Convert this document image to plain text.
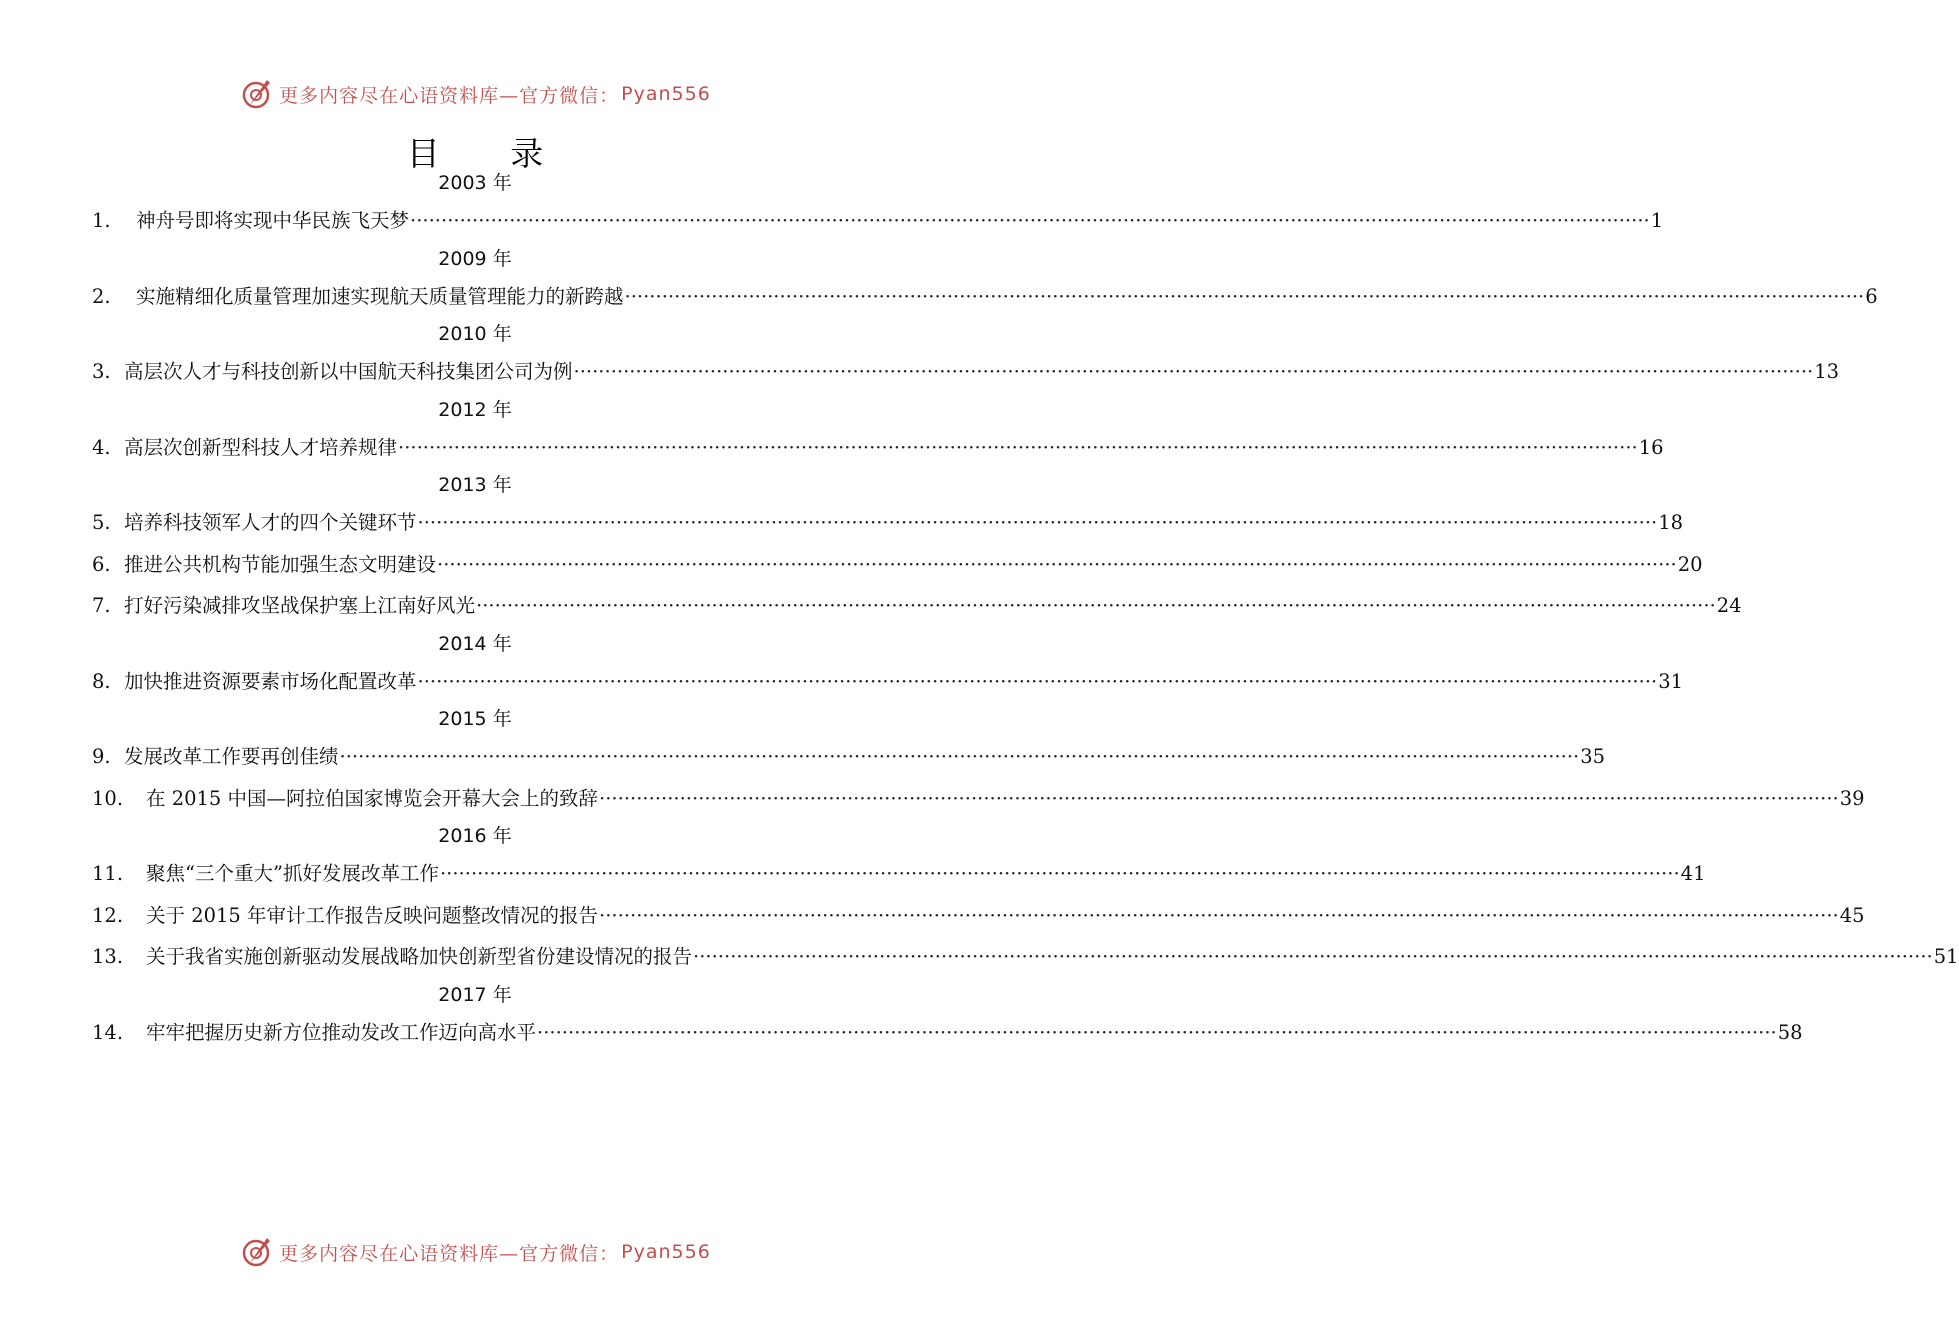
更多内容尽在心语资料库—官方微信： Pyan556
目 录
2003 年
1.	神舟号即将实现中华民族飞天梦 ········································································································································································································ 1
2009 年
2.	实施精细化质量管理加速实现航天质量管理能力的新跨越 ········································································································································································································ 6
2010 年
3. 高层次人才与科技创新以中国航天科技集团公司为例 ········································································································································································································ 13
2012 年
4. 高层次创新型科技人才培养规律 ········································································································································································································ 16
2013 年
5. 培养科技领军人才的四个关键环节 ········································································································································································································ 18
6. 推进公共机构节能加强生态文明建设 ········································································································································································································ 20
7. 打好污染减排攻坚战保护塞上江南好风光 ········································································································································································································ 24
2014 年
8. 加快推进资源要素市场化配置改革 ········································································································································································································ 31
2015 年
9. 发展改革工作要再创佳绩 ········································································································································································································ 35
10.	在 2015 中国—阿拉伯国家博览会开幕大会上的致辞 ········································································································································································································ 39
2016 年
11.	聚焦“三个重大”抓好发展改革工作 ········································································································································································································ 41
12.	关于 2015 年审计工作报告反映问题整改情况的报告 ········································································································································································································ 45
13.	关于我省实施创新驱动发展战略加快创新型省份建设情况的报告 ········································································································································································································ 51
2017 年
14.	牢牢把握历史新方位推动发改工作迈向高水平 ········································································································································································································ 58
更多内容尽在心语资料库—官方微信： Pyan556
